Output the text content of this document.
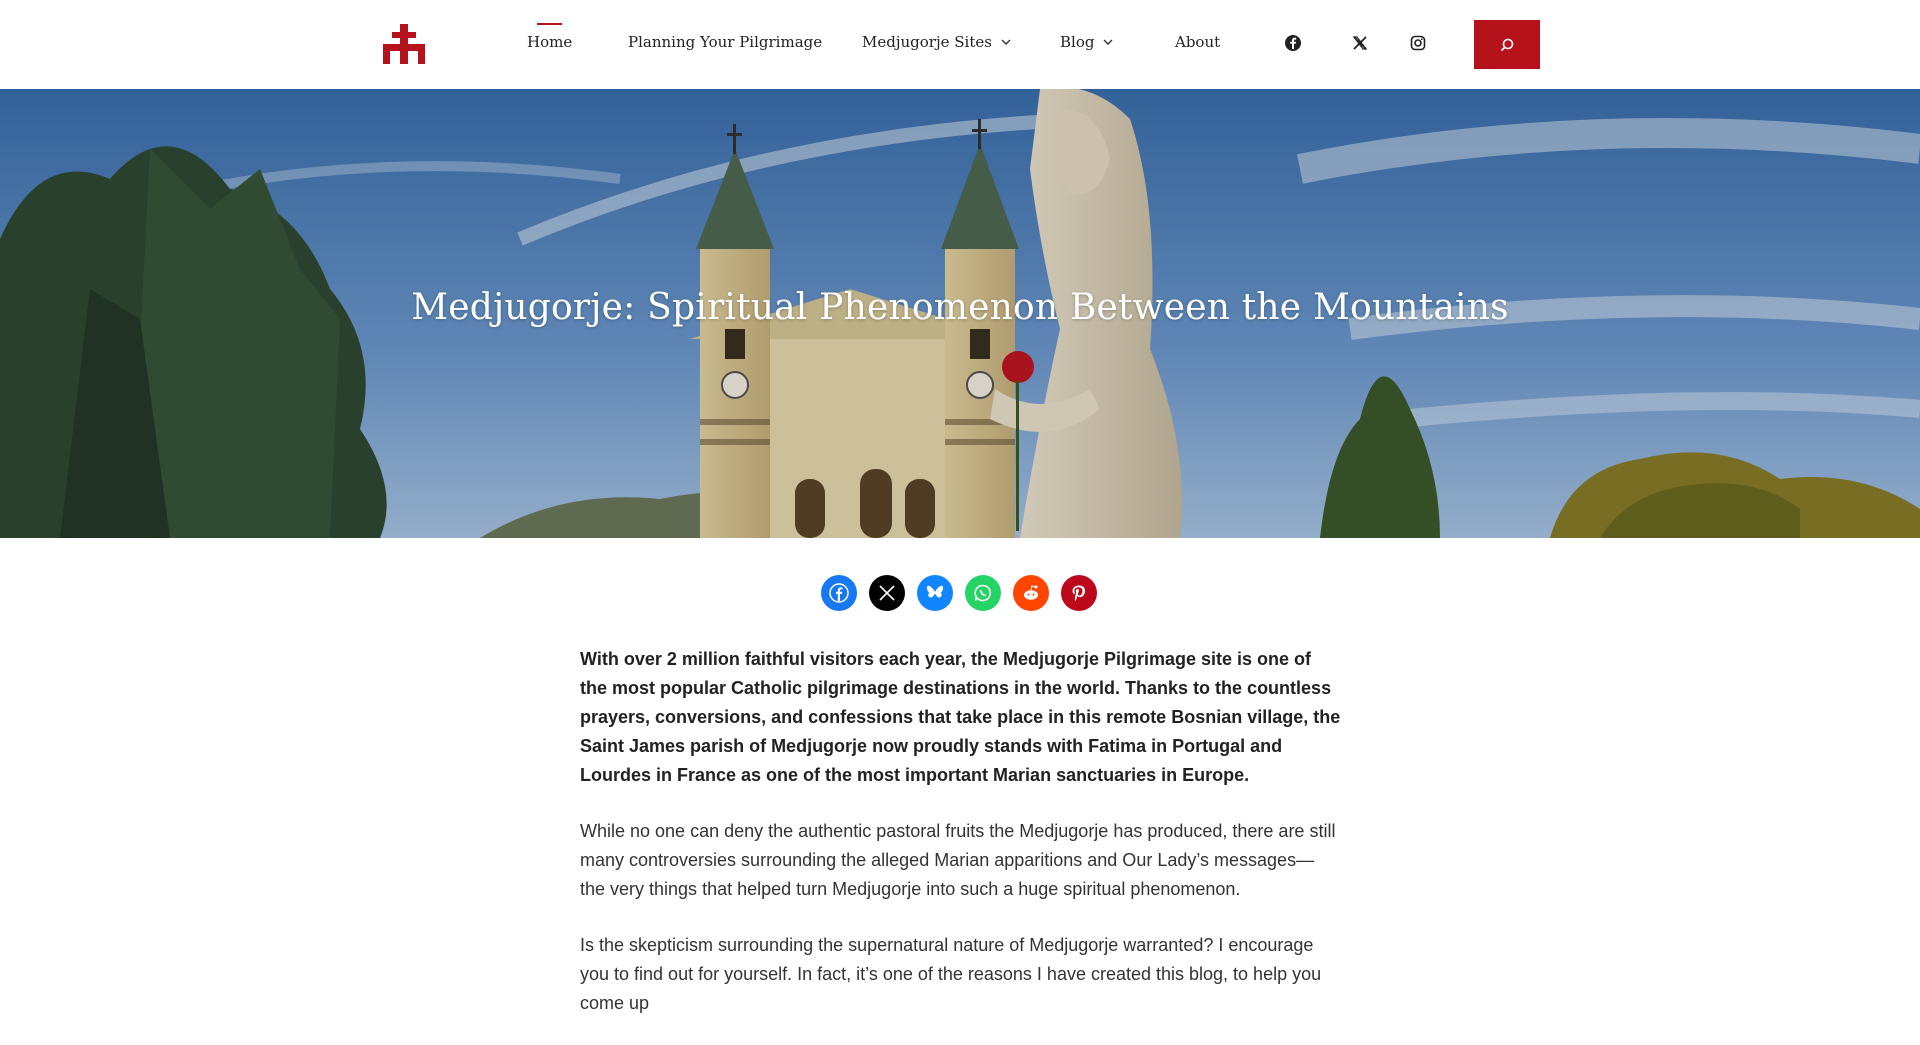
Home	Planning Your Pilgrimage	Medjugorje Sites	Blog	About
Medjugorje: Spiritual Phenomenon Between the Mountains

With over 2 million faithful visitors each year, the Medjugorje Pilgrimage site is one of the most popular Catholic pilgrimage destinations in the world. Thanks to the countless prayers, conversions, and confessions that take place in this remote Bosnian village, the Saint James parish of Medjugorje now proudly stands with Fatima in Portugal and Lourdes in France as one of the most important Marian sanctuaries in Europe.

While no one can deny the authentic pastoral fruits the Medjugorje has produced, there are still many controversies surrounding the alleged Marian apparitions and Our Lady’s messages— the very things that helped turn Medjugorje into such a huge spiritual phenomenon.

Is the skepticism surrounding the supernatural nature of Medjugorje warranted? I encourage you to find out for yourself. In fact, it’s one of the reasons I have created this blog, to help you come up
